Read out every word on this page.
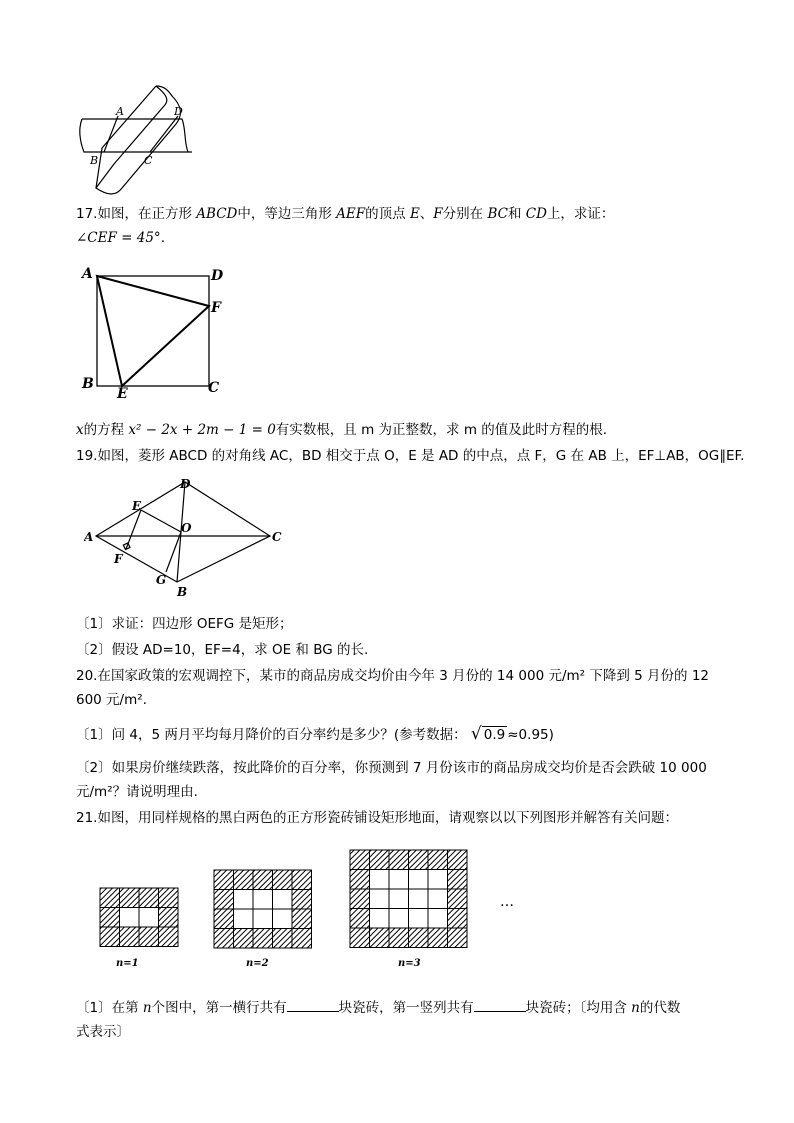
A	D
B	C
17.如图，在正方形 ABCD中，等边三角形 AEF的顶点 E、F分别在 BC和 CD上，求证：
∠CEF = 45°.
A	D
F
B
E	C
x的方程 x² − 2x + 2m − 1 = 0有实数根，且 m 为正整数，求 m 的值及此时方程的根.
19.如图，菱形 ABCD 的对角线 AC，BD 相交于点 O，E 是 AD 的中点，点 F，G 在 AB 上，EF⊥AB，OG∥EF.
D
E
O
A	C
F
G
B
〔1〕求证：四边形 OEFG 是矩形；
〔2〕假设 AD=10，EF=4，求 OE 和 BG 的长.
20.在国家政策的宏观调控下，某市的商品房成交均价由今年 3 月份的 14 000 元/m² 下降到 5 月份的 12
600 元/m².
〔1〕问 4，5 两月平均每月降价的百分率约是多少？(参考数据： √ 0.9 ≈0.95)
〔2〕如果房价继续跌落，按此降价的百分率，你预测到 7 月份该市的商品房成交均价是否会跌破 10 000
元/m²？请说明理由.
21.如图，用同样规格的黑白两色的正方形瓷砖铺设矩形地面，请观察以以下列图形并解答有关问题：
n=1	n=2	n=3
…
〔1〕在第 n个图中，第一横行共有	块瓷砖，第一竖列共有	块瓷砖；〔均用含 n的代数
式表示〕
